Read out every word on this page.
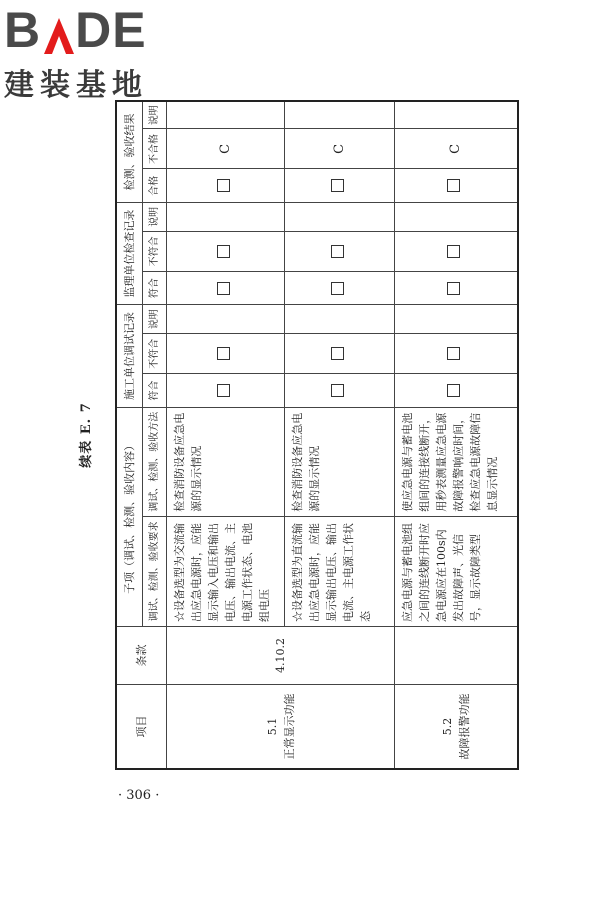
B DE
建装基地
· 306 ·
续表 E. 7
项目	条款	子项（调试、检测、验收内容）		施工单位调试记录			监理单位检查记录			检测、验收结果		
		调试、检测、验收要求	调试、检测、验收方法	符合	不符合	说明	符合	不符合	说明	合格	不合格	说明
5.1
正常显示功能	4.10.2	☆设备选型为交流输出应急电源时，应能显示输入电压和输出电压、输出电流、主电源工作状态、电池组电压	检查消防设备应急电源的显示情况								C	
		☆设备选型为直流输出应急电源时，应能显示输出电压、输出电流、主电源工作状态	检查消防设备应急电源的显示情况								C	
5.2
故障报警功能		应急电源与蓄电池组之间的连线断开时应急电源应在100s内发出故障声、光信号，显示故障类型	使应急电源与蓄电池组间的连接线断开，用秒表测量应急电源故障报警响应时间，检查应急电源故障信息显示情况								C	
